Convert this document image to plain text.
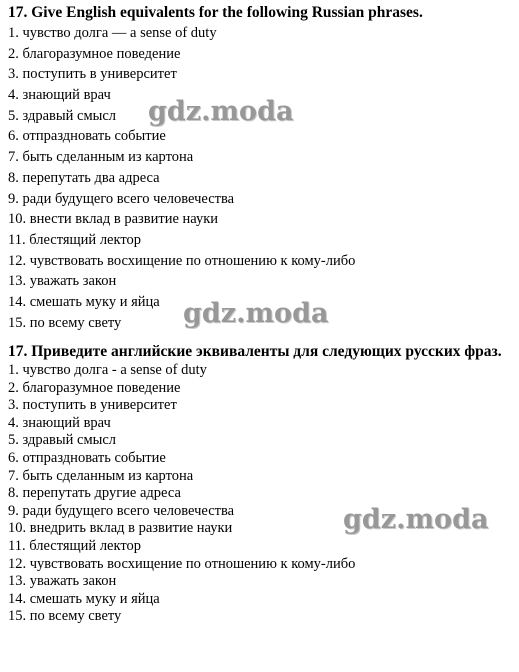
17. Give English equivalents for the following Russian phrases.
1. чувство долга — a sense of duty
2. благоразумное поведение
3. поступить в университет
4. знающий врач
5. здравый смысл
6. отпраздновать событие
7. быть сделанным из картона
8. перепутать два адреса
9. ради будущего всего человечества
10. внести вклад в развитие науки
11. блестящий лектор
12. чувствовать восхищение по отношению к кому-либо
13. уважать закон
14. смешать муку и яйца
15. по всему свету
17. Приведите английские эквиваленты для следующих русских фраз.
1. чувство долга - a sense of duty
2. благоразумное поведение
3. поступить в университет
4. знающий врач
5. здравый смысл
6. отпраздновать событие
7. быть сделанным из картона
8. перепутать другие адреса
9. ради будущего всего человечества
10. внедрить вклад в развитие науки
11. блестящий лектор
12. чувствовать восхищение по отношению к кому-либо
13. уважать закон
14. смешать муку и яйца
15. по всему свету
gdz.moda
gdz.moda
gdz.moda
